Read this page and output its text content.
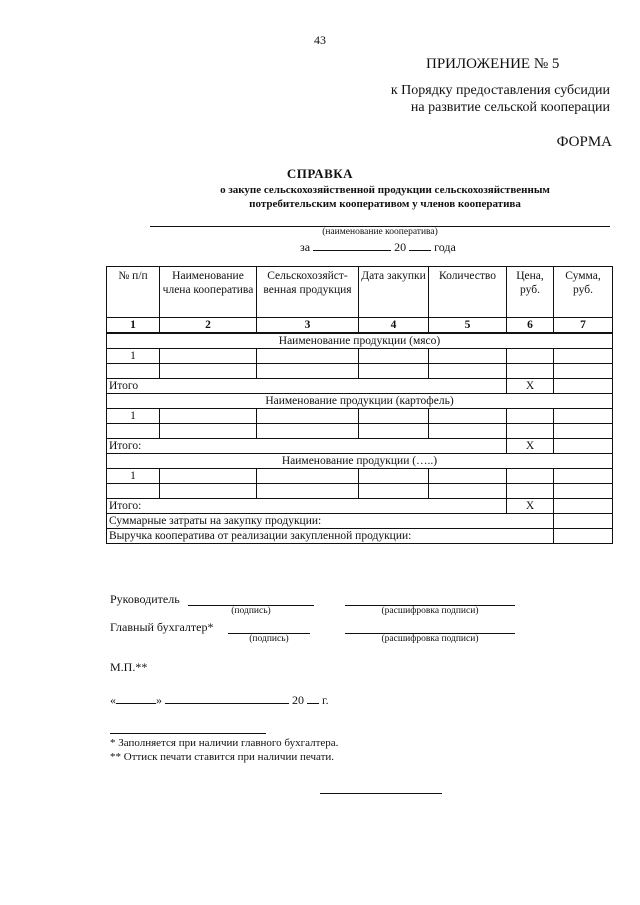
43
ПРИЛОЖЕНИЕ № 5
к Порядку предоставления субсидии
на развитие сельской кооперации
ФОРМА
СПРАВКА
о закупе сельскохозяйственной продукции сельскохозяйственным
потребительским кооперативом у членов кооператива
(наименование кооператива)
за	20 года
№ п/п	Наименование члена кооператива	Сельскохозяйст-венная продукция	Дата закупки	Количество	Цена, руб.	Сумма, руб.
1	2	3	4	5	6	7
Наименование продукции (мясо)						
1						

Итого					Х	
Наименование продукции (картофель)						
1						

Итого:					Х	
Наименование продукции (…..)						
1						

Итого:					Х	
Суммарные затраты на закупку продукции:						
Выручка кооператива от реализации закупленной продукции:						
Руководитель
(подпись)	(расшифровка подписи)
Главный бухгалтер*
(подпись)	(расшифровка подписи)
М.П.**
«	»	20 г.
* Заполняется при наличии главного бухгалтера.
** Оттиск печати ставится при наличии печати.
